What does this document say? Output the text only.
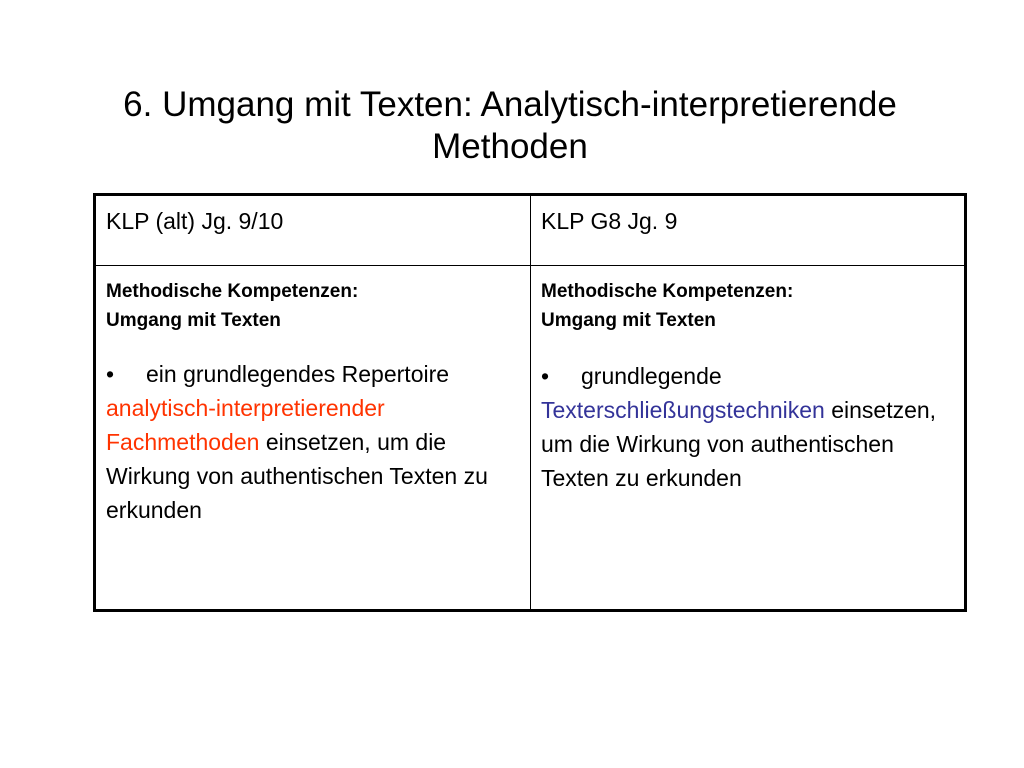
6. Umgang mit Texten: Analytisch-interpretierende
Methoden
KLP (alt) Jg. 9/10	KLP G8 Jg. 9
Methodische Kompetenzen:
Umgang mit Texten
• ein grundlegendes Repertoire analytisch-interpretierender Fachmethoden einsetzen, um die Wirkung von authentischen Texten zu erkunden
Methodische Kompetenzen:
Umgang mit Texten
• grundlegende Texterschließungstechniken einsetzen, um die Wirkung von authentischen Texten zu erkunden
